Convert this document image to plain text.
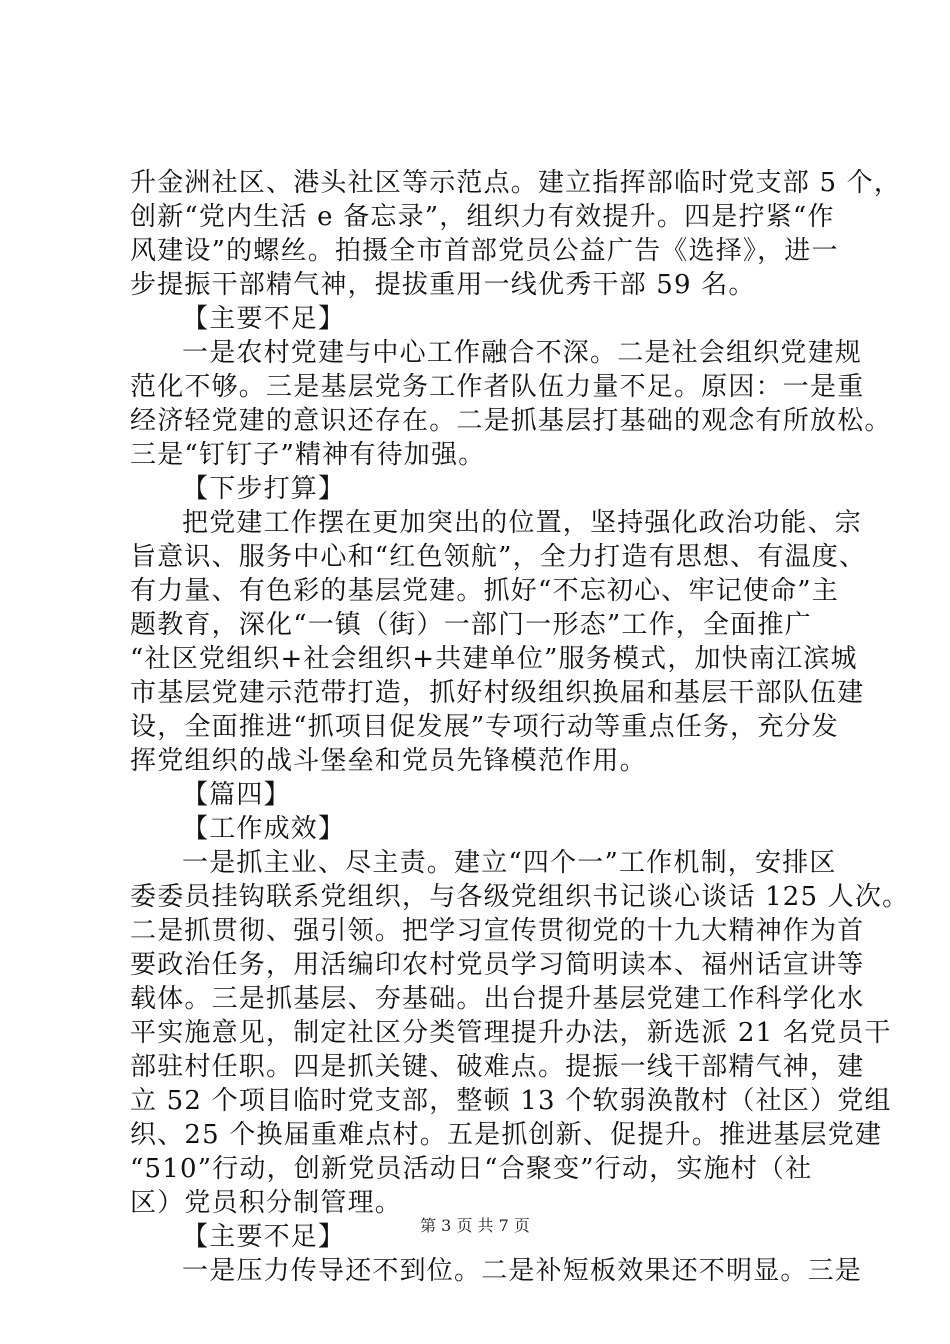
升金洲社区、港头社区等示范点。建立指挥部临时党支部 5 个，
创新“党内生活 e 备忘录”，组织力有效提升。四是拧紧“作
风建设”的螺丝。拍摄全市首部党员公益广告《选择》，进一
步提振干部精气神，提拔重用一线优秀干部 59 名。
【主要不足】
一是农村党建与中心工作融合不深。二是社会组织党建规
范化不够。三是基层党务工作者队伍力量不足。原因：一是重
经济轻党建的意识还存在。二是抓基层打基础的观念有所放松。
三是“钉钉子”精神有待加强。
【下步打算】
把党建工作摆在更加突出的位置，坚持强化政治功能、宗
旨意识、服务中心和“红色领航”，全力打造有思想、有温度、
有力量、有色彩的基层党建。抓好“不忘初心、牢记使命”主
题教育，深化“一镇（街）一部门一形态”工作，全面推广
“社区党组织+社会组织+共建单位”服务模式，加快南江滨城
市基层党建示范带打造，抓好村级组织换届和基层干部队伍建
设，全面推进“抓项目促发展”专项行动等重点任务，充分发
挥党组织的战斗堡垒和党员先锋模范作用。
【篇四】
【工作成效】
一是抓主业、尽主责。建立“四个一”工作机制，安排区
委委员挂钩联系党组织，与各级党组织书记谈心谈话 125 人次。
二是抓贯彻、强引领。把学习宣传贯彻党的十九大精神作为首
要政治任务，用活编印农村党员学习简明读本、福州话宣讲等
载体。三是抓基层、夯基础。出台提升基层党建工作科学化水
平实施意见，制定社区分类管理提升办法，新选派 21 名党员干
部驻村任职。四是抓关键、破难点。提振一线干部精气神，建
立 52 个项目临时党支部，整顿 13 个软弱涣散村（社区）党组
织、25 个换届重难点村。五是抓创新、促提升。推进基层党建
“510”行动，创新党员活动日“合聚变”行动，实施村（社
区）党员积分制管理。
【主要不足】
一是压力传导还不到位。二是补短板效果还不明显。三是
第 3 页 共 7 页
